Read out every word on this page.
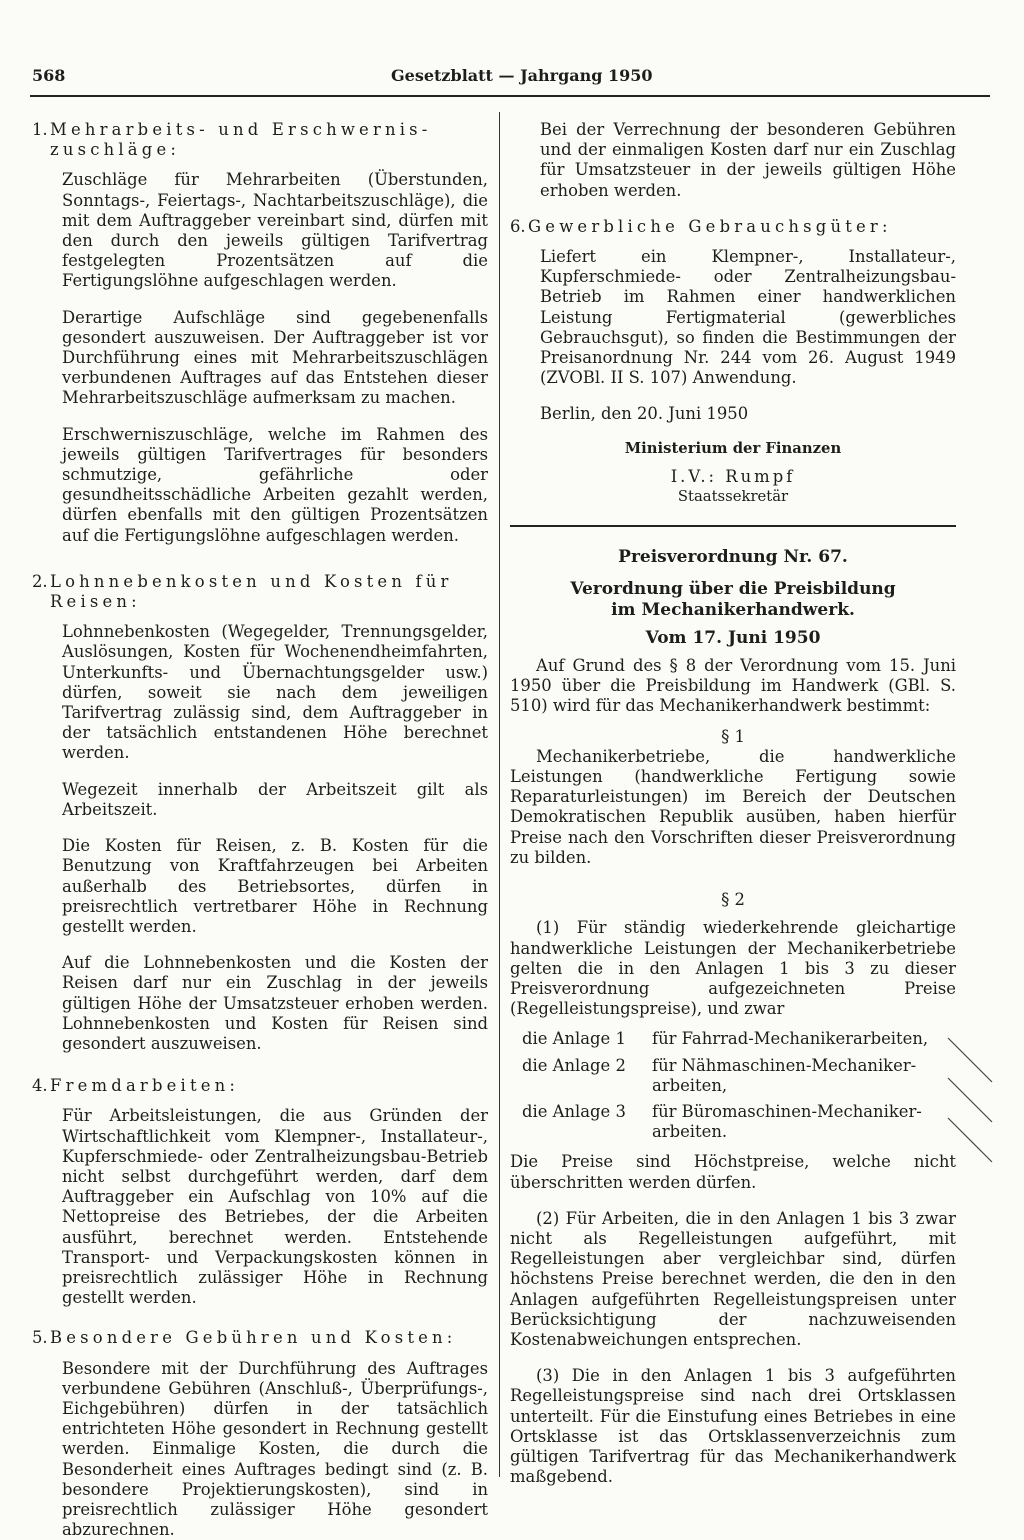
568	Gesetzblatt — Jahrgang 1950
1. Mehrarbeits- und Erschwernis-zuschläge:

Zuschläge für Mehrarbeiten (Überstunden, Sonntags-, Feiertags-, Nachtarbeitszuschläge), die mit dem Auftraggeber vereinbart sind, dürfen mit den durch den jeweils gültigen Tarifvertrag festgelegten Prozentsätzen auf die Fertigungslöhne aufgeschlagen werden.

Derartige Aufschläge sind gegebenenfalls gesondert auszuweisen. Der Auftraggeber ist vor Durchführung eines mit Mehrarbeitszuschlägen verbundenen Auftrages auf das Entstehen dieser Mehrarbeitszuschläge aufmerksam zu machen.

Erschwerniszuschläge, welche im Rahmen des jeweils gültigen Tarifvertrages für besonders schmutzige, gefährliche oder gesundheitsschädliche Arbeiten gezahlt werden, dürfen ebenfalls mit den gültigen Prozentsätzen auf die Fertigungslöhne aufgeschlagen werden.

2. Lohnnebenkosten und Kosten für Reisen:

Lohnnebenkosten (Wegegelder, Trennungsgelder, Auslösungen, Kosten für Wochenendheimfahrten, Unterkunfts- und Übernachtungsgelder usw.) dürfen, soweit sie nach dem jeweiligen Tarifvertrag zulässig sind, dem Auftraggeber in der tatsächlich entstandenen Höhe berechnet werden.

Wegezeit innerhalb der Arbeitszeit gilt als Arbeitszeit.

Die Kosten für Reisen, z. B. Kosten für die Benutzung von Kraftfahrzeugen bei Arbeiten außerhalb des Betriebsortes, dürfen in preisrechtlich vertretbarer Höhe in Rechnung gestellt werden.

Auf die Lohnnebenkosten und die Kosten der Reisen darf nur ein Zuschlag in der jeweils gültigen Höhe der Umsatzsteuer erhoben werden. Lohnnebenkosten und Kosten für Reisen sind gesondert auszuweisen.

4. Fremdarbeiten:

Für Arbeitsleistungen, die aus Gründen der Wirtschaftlichkeit vom Klempner-, Installateur-, Kupferschmiede- oder Zentralheizungsbau-Betrieb nicht selbst durchgeführt werden, darf dem Auftraggeber ein Aufschlag von 10% auf die Nettopreise des Betriebes, der die Arbeiten ausführt, berechnet werden. Entstehende Transport- und Verpackungskosten können in preisrechtlich zulässiger Höhe in Rechnung gestellt werden.

5. Besondere Gebühren und Kosten:

Besondere mit der Durchführung des Auftrages verbundene Gebühren (Anschluß-, Überprüfungs-, Eichgebühren) dürfen in der tatsächlich entrichteten Höhe gesondert in Rechnung gestellt werden. Einmalige Kosten, die durch die Besonderheit eines Auftrages bedingt sind (z. B. besondere Projektierungskosten), sind in preisrechtlich zulässiger Höhe gesondert abzurechnen.

Bei der Verrechnung der besonderen Gebühren und der einmaligen Kosten darf nur ein Zuschlag für Umsatzsteuer in der jeweils gültigen Höhe erhoben werden.

6. Gewerbliche Gebrauchsgüter:

Liefert ein Klempner-, Installateur-, Kupferschmiede- oder Zentralheizungsbau-Betrieb im Rahmen einer handwerklichen Leistung Fertigmaterial (gewerbliches Gebrauchsgut), so finden die Bestimmungen der Preisanordnung Nr. 244 vom 26. August 1949 (ZVOBl. II S. 107) Anwendung.

Berlin, den 20. Juni 1950

Ministerium der Finanzen
I.V.: Rumpf
Staatssekretär
Preisverordnung Nr. 67.
Verordnung über die Preisbildung
im Mechanikerhandwerk.
Vom 17. Juni 1950

Auf Grund des § 8 der Verordnung vom 15. Juni 1950 über die Preisbildung im Handwerk (GBl. S. 510) wird für das Mechanikerhandwerk bestimmt:

§ 1

Mechanikerbetriebe, die handwerkliche Leistungen (handwerkliche Fertigung sowie Reparaturleistungen) im Bereich der Deutschen Demokratischen Republik ausüben, haben hierfür Preise nach den Vorschriften dieser Preisverordnung zu bilden.

§ 2

(1) Für ständig wiederkehrende gleichartige handwerkliche Leistungen der Mechanikerbetriebe gelten die in den Anlagen 1 bis 3 zu dieser Preisverordnung aufgezeichneten Preise (Regelleistungspreise), und zwar

die Anlage 1	für Fahrrad-Mechanikerarbeiten,
die Anlage 2	für Nähmaschinen-Mechaniker-
arbeiten,
die Anlage 3	für Büromaschinen-Mechaniker-
arbeiten.

Die Preise sind Höchstpreise, welche nicht überschritten werden dürfen.

(2) Für Arbeiten, die in den Anlagen 1 bis 3 zwar nicht als Regelleistungen aufgeführt, mit Regelleistungen aber vergleichbar sind, dürfen höchstens Preise berechnet werden, die den in den Anlagen aufgeführten Regelleistungspreisen unter Berücksichtigung der nachzuweisenden Kostenabweichungen entsprechen.

(3) Die in den Anlagen 1 bis 3 aufgeführten Regelleistungspreise sind nach drei Ortsklassen unterteilt. Für die Einstufung eines Betriebes in eine Ortsklasse ist das Ortsklassenverzeichnis zum gültigen Tarifvertrag für das Mechanikerhandwerk maßgebend.
